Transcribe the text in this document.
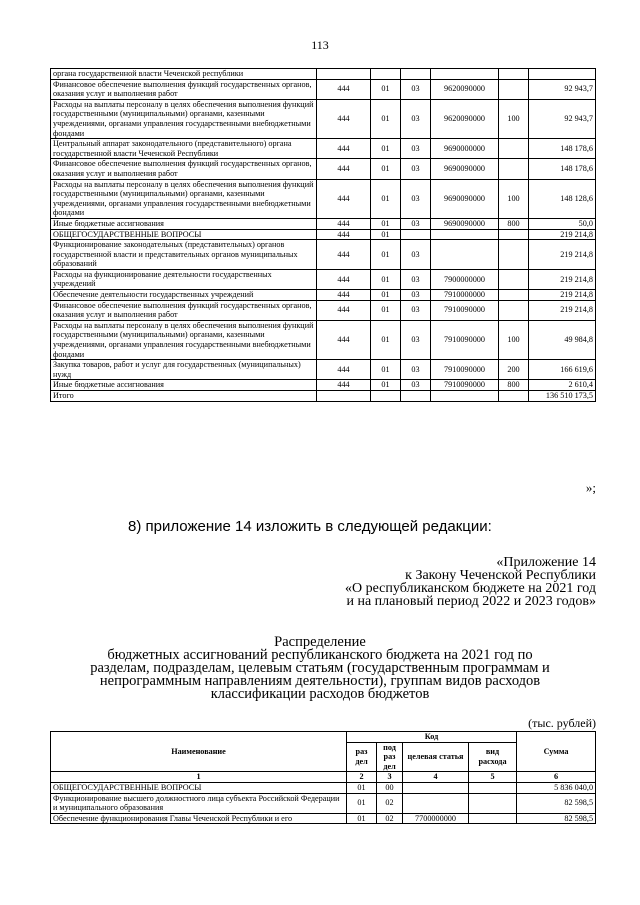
113
органа государственной власти Чеченской республики						
Финансовое обеспечение выполнения функций государственных органов, оказания услуг и выполнения работ	444	01	03	9620090000		92 943,7
Расходы на выплаты персоналу в целях обеспечения выполнения функций государственными (муниципальными) органами, казенными учреждениями, органами управления государственными внебюджетными фондами	444	01	03	9620090000	100	92 943,7
Центральный аппарат законодательного (представительного) органа государственной власти Чеченской Республики	444	01	03	9690000000		148 178,6
Финансовое обеспечение выполнения функций государственных органов, оказания услуг и выполнения работ	444	01	03	9690090000		148 178,6
Расходы на выплаты персоналу в целях обеспечения выполнения функций государственными (муниципальными) органами, казенными учреждениями, органами управления государственными внебюджетными фондами	444	01	03	9690090000	100	148 128,6
Иные бюджетные ассигнования	444	01	03	9690090000	800	50,0
ОБЩЕГОСУДАРСТВЕННЫЕ ВОПРОСЫ	444	01				219 214,8
Функционирование законодательных (представительных) органов государственной власти и представительных органов муниципальных образований	444	01	03			219 214,8
Расходы на функционирование деятельности государственных учреждений	444	01	03	7900000000		219 214,8
Обеспечение деятельности государственных учреждений	444	01	03	7910000000		219 214,8
Финансовое обеспечение выполнения функций государственных органов, оказания услуг и выполнения работ	444	01	03	7910090000		219 214,8
Расходы на выплаты персоналу в целях обеспечения выполнения функций государственными (муниципальными) органами, казенными учреждениями, органами управления государственными внебюджетными фондами	444	01	03	7910090000	100	49 984,8
Закупка товаров, работ и услуг для государственных (муниципальных) нужд	444	01	03	7910090000	200	166 619,6
Иные бюджетные ассигнования	444	01	03	7910090000	800	2 610,4
Итого						136 510 173,5
»;
8) приложение 14 изложить в следующей редакции:
«Приложение 14
к Закону Чеченской Республики
«О республиканском бюджете на 2021 год
и на плановый период 2022 и 2023 годов»
Распределение
бюджетных ассигнований республиканского бюджета на 2021 год по
разделам, подразделам, целевым статьям (государственным программам и
непрограммным направлениям деятельности), группам видов расходов
классификации расходов бюджетов
(тыс. рублей)
Наименование	Код				Сумма
	раз дел	под раз дел	целевая статья	вид расхода	
1	2	3	4	5	6
ОБЩЕГОСУДАРСТВЕННЫЕ ВОПРОСЫ	01	00			5 836 040,0
Функционирование высшего должностного лица субъекта Российской Федерации и муниципального образования	01	02			82 598,5
Обеспечение функционирования Главы Чеченской Республики и его	01	02	7700000000		82 598,5
